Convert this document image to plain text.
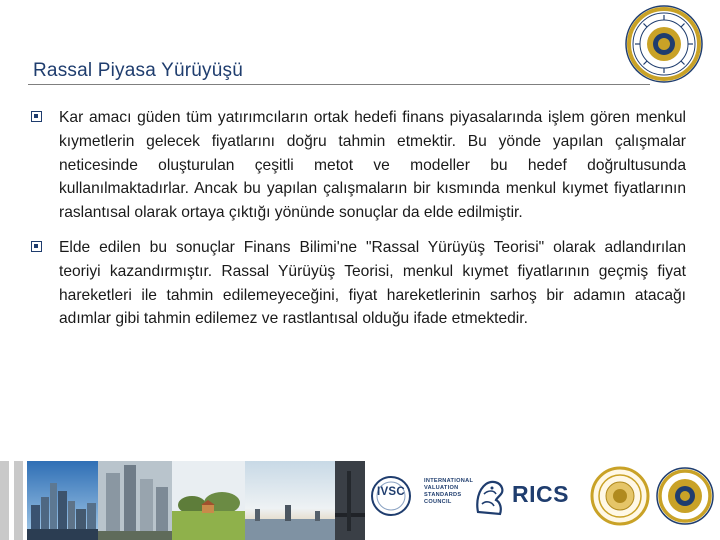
Rassal Piyasa Yürüyüşü
Kar amacı güden tüm yatırımcıların ortak hedefi finans piyasalarında işlem gören menkul kıymetlerin gelecek fiyatlarını doğru tahmin etmektir. Bu yönde yapılan çalışmalar neticesinde oluşturulan çeşitli metot ve modeller bu hedef doğrultusunda kullanılmaktadırlar. Ancak bu yapılan çalışmaların bir kısmında menkul kıymet fiyatlarının raslantısal olarak ortaya çıktığı yönünde sonuçlar da elde edilmiştir.
Elde edilen bu sonuçlar Finans Bilimi'ne "Rassal Yürüyüş Teorisi" olarak adlandırılan teoriyi kazandırmıştır. Rassal Yürüyüş Teorisi, menkul kıymet fiyatlarının geçmiş fiyat hareketleri ile tahmin edilemeyeceğini, fiyat hareketlerinin sarhoş bir adamın atacağı adımlar gibi tahmin edilemez ve rastlantısal olduğu ifade etmektedir.
IVSC
INTERNATIONAL
VALUATION
STANDARDS
COUNCIL	RICS
